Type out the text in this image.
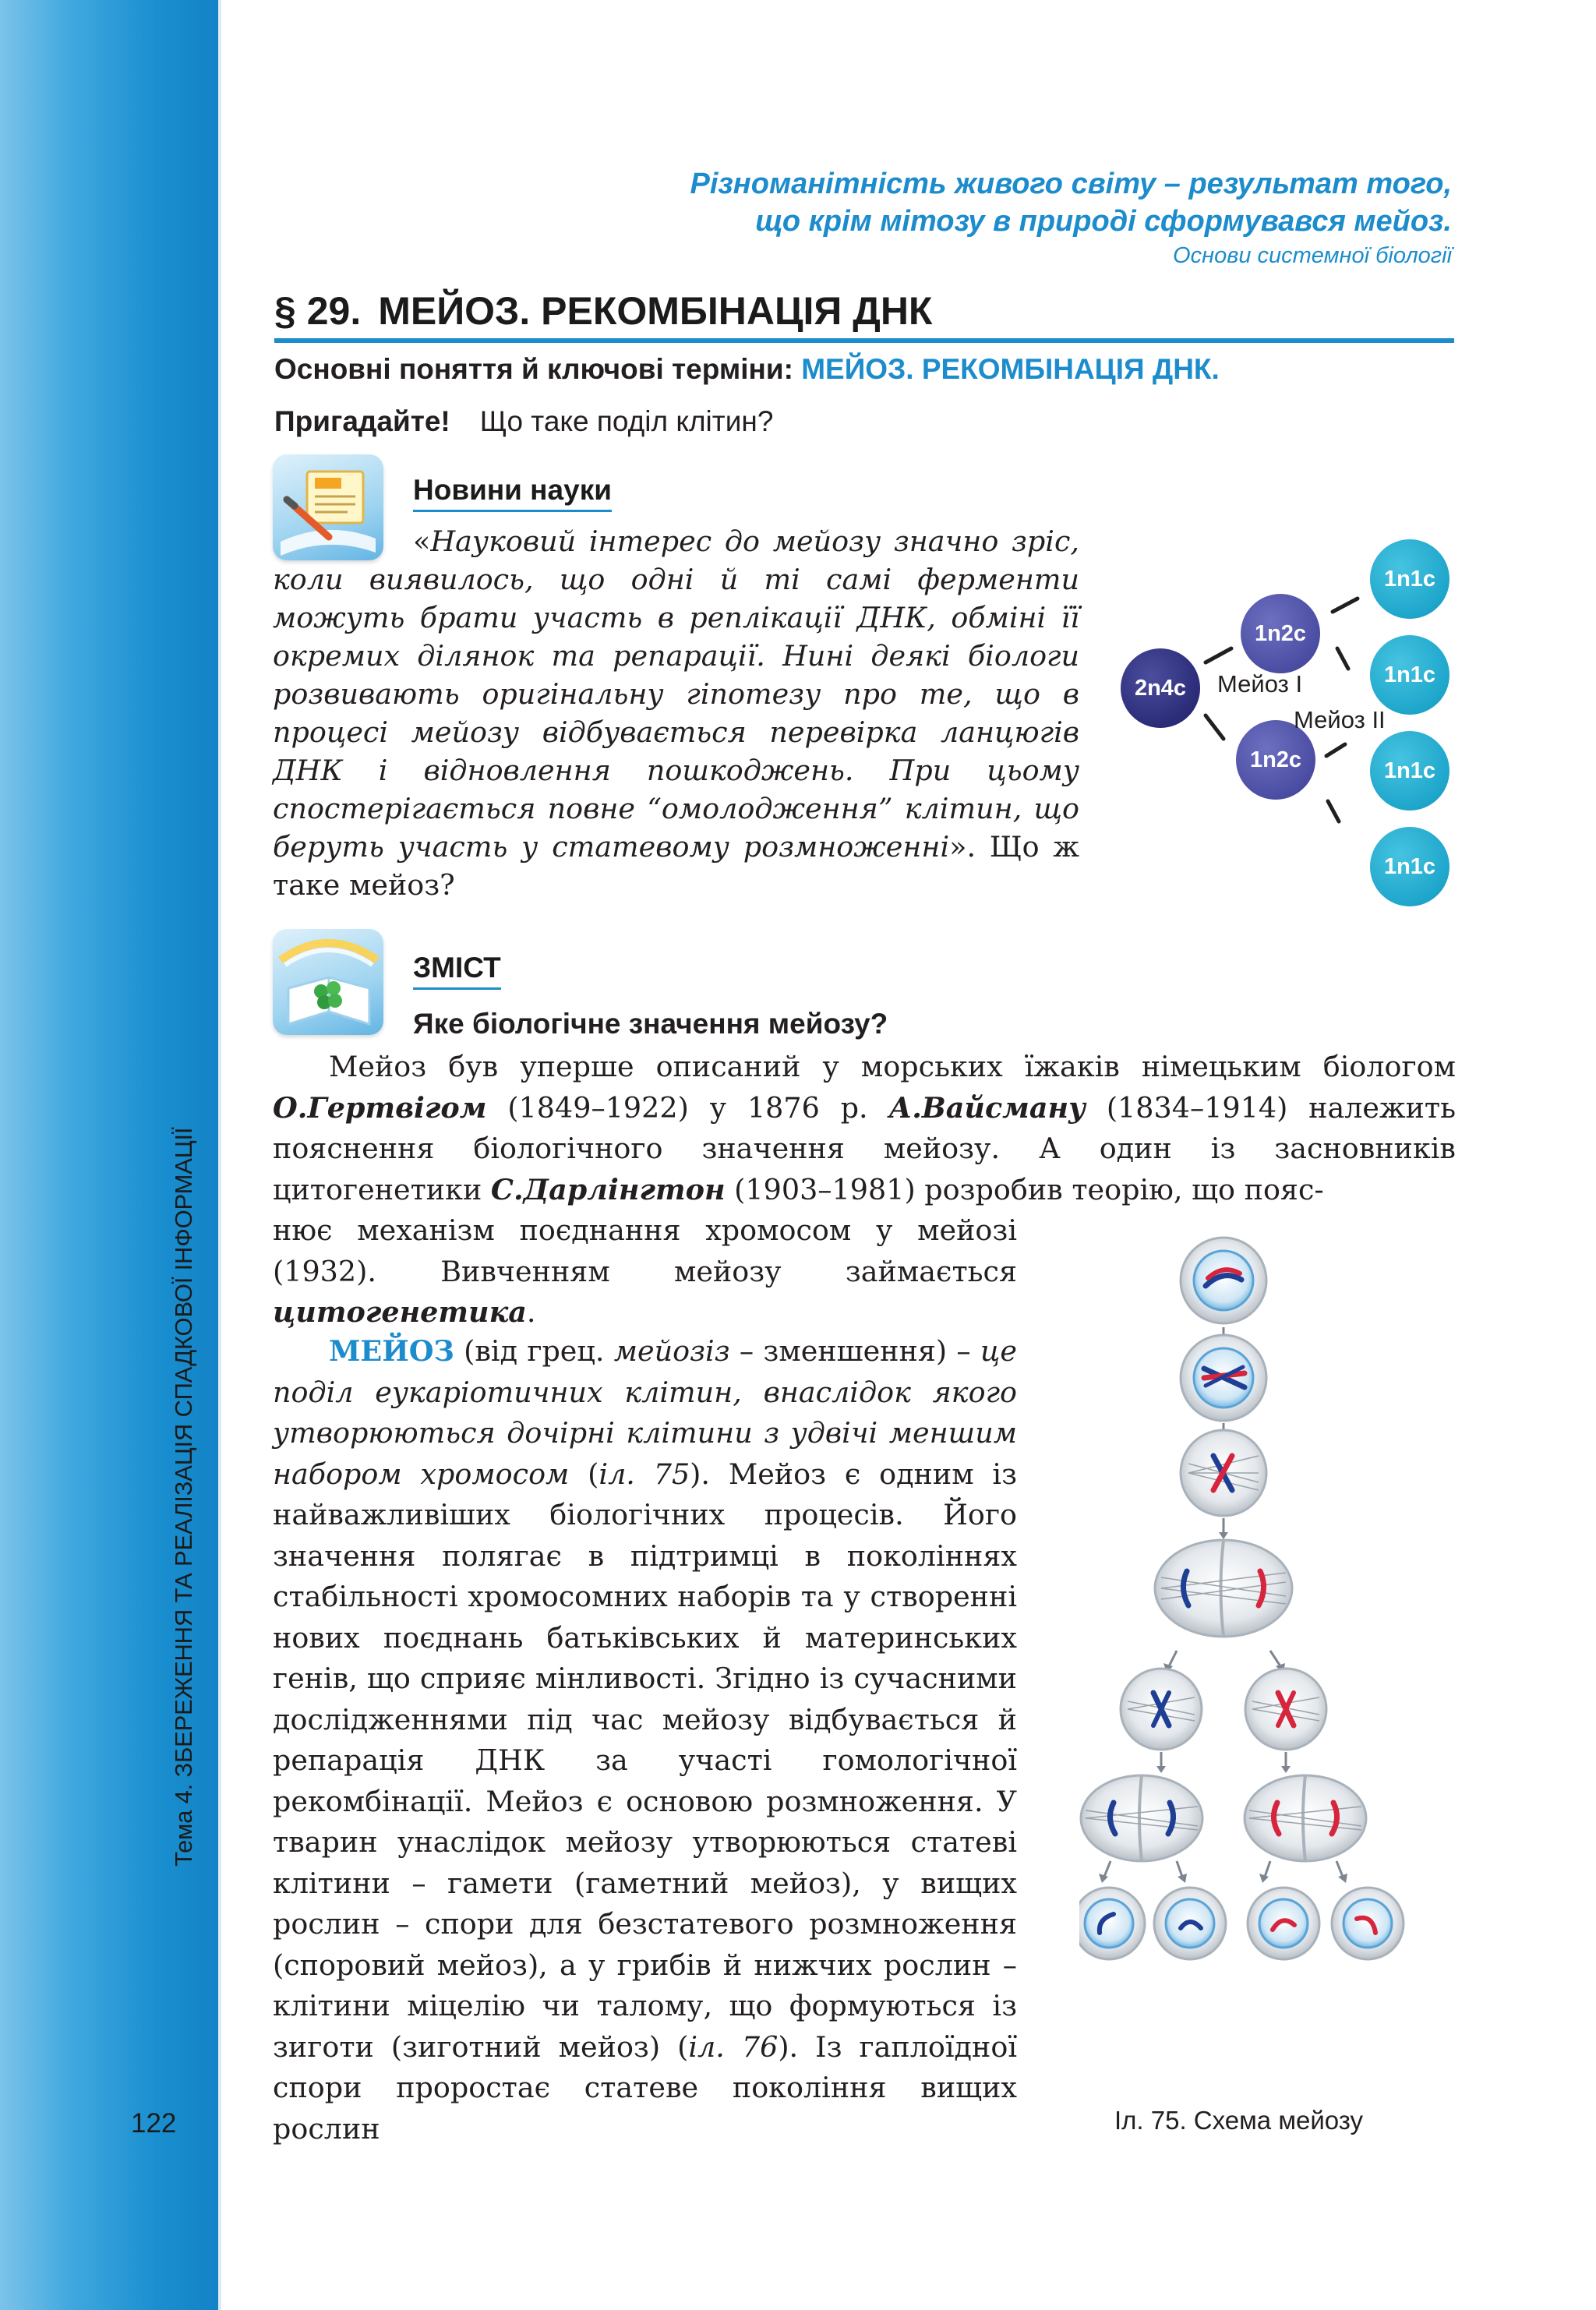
Тема 4. ЗБЕРЕЖЕННЯ ТА РЕАЛІЗАЦІЯ СПАДКОВОЇ ІНФОРМАЦІЇ
122
Різноманітність живого світу – результат того,
що крім мітозу в природі сформувався мейоз.
Основи системної біології
§ 29. МЕЙОЗ. РЕКОМБІНАЦІЯ ДНК
Основні поняття й ключові терміни: МЕЙОЗ. РЕКОМБІНАЦІЯ ДНК.
Пригадайте! Що таке поділ клітин?
Новини науки
«Науковий інтерес до мейозу значно зріс, коли виявилось, що одні й ті самі ферменти можуть брати участь в реплікації ДНК, обміні її окремих ділянок та репарації. Нині деякі біологи розвивають оригінальну гіпотезу про те, що в процесі мейозу відбувається перевірка ланцюгів ДНК і відновлення пошкоджень. При цьому спостерігається повне “омолодження” клітин, що беруть участь у статевому розмноженні». Що ж таке мейоз?
2n4c
1n2c
1n2c
1n1c
1n1c
1n1c
1n1c
Мейоз I
Мейоз II
ЗМІСТ
Яке біологічне значення мейозу?
Мейоз був уперше описаний у морських їжаків німецьким біологом О.Гертвігом (1849–1922) у 1876 р. А.Вайсману (1834–1914) належить пояснення біологічного значення мейозу. А один із засновників цитогенетики С.Дарлінгтон (1903–1981) розробив теорію, що пояс-
нює механізм поєднання хромосом у мейозі (1932). Вивченням мейозу займається цитогенетика.
МЕЙОЗ (від грец. мейозіз – зменшення) – це поділ еукаріотичних клітин, внаслідок якого утворюються дочірні клітини з удвічі меншим набором хромосом (іл. 75). Мейоз є одним із найважливіших біологічних процесів. Його значення полягає в підтримці в поколіннях стабільності хромосомних наборів та у створенні нових поєднань батьківських й материнських генів, що сприяє мінливості. Згідно із сучасними дослідженнями під час мейозу відбувається й репарація ДНК за участі гомологічної рекомбінації. Мейоз є основою розмноження. У тварин унаслідок мейозу утворюються статеві клітини – гамети (гаметний мейоз), у вищих рослин – спори для безстатевого розмноження (споровий мейоз), а у грибів й нижчих рослин – клітини міцелію чи талому, що формуються із зиготи (зиготний мейоз) (іл. 76). Із гаплоїдної спори проростає статеве покоління вищих рослин	Іл. 75. Схема мейозу
